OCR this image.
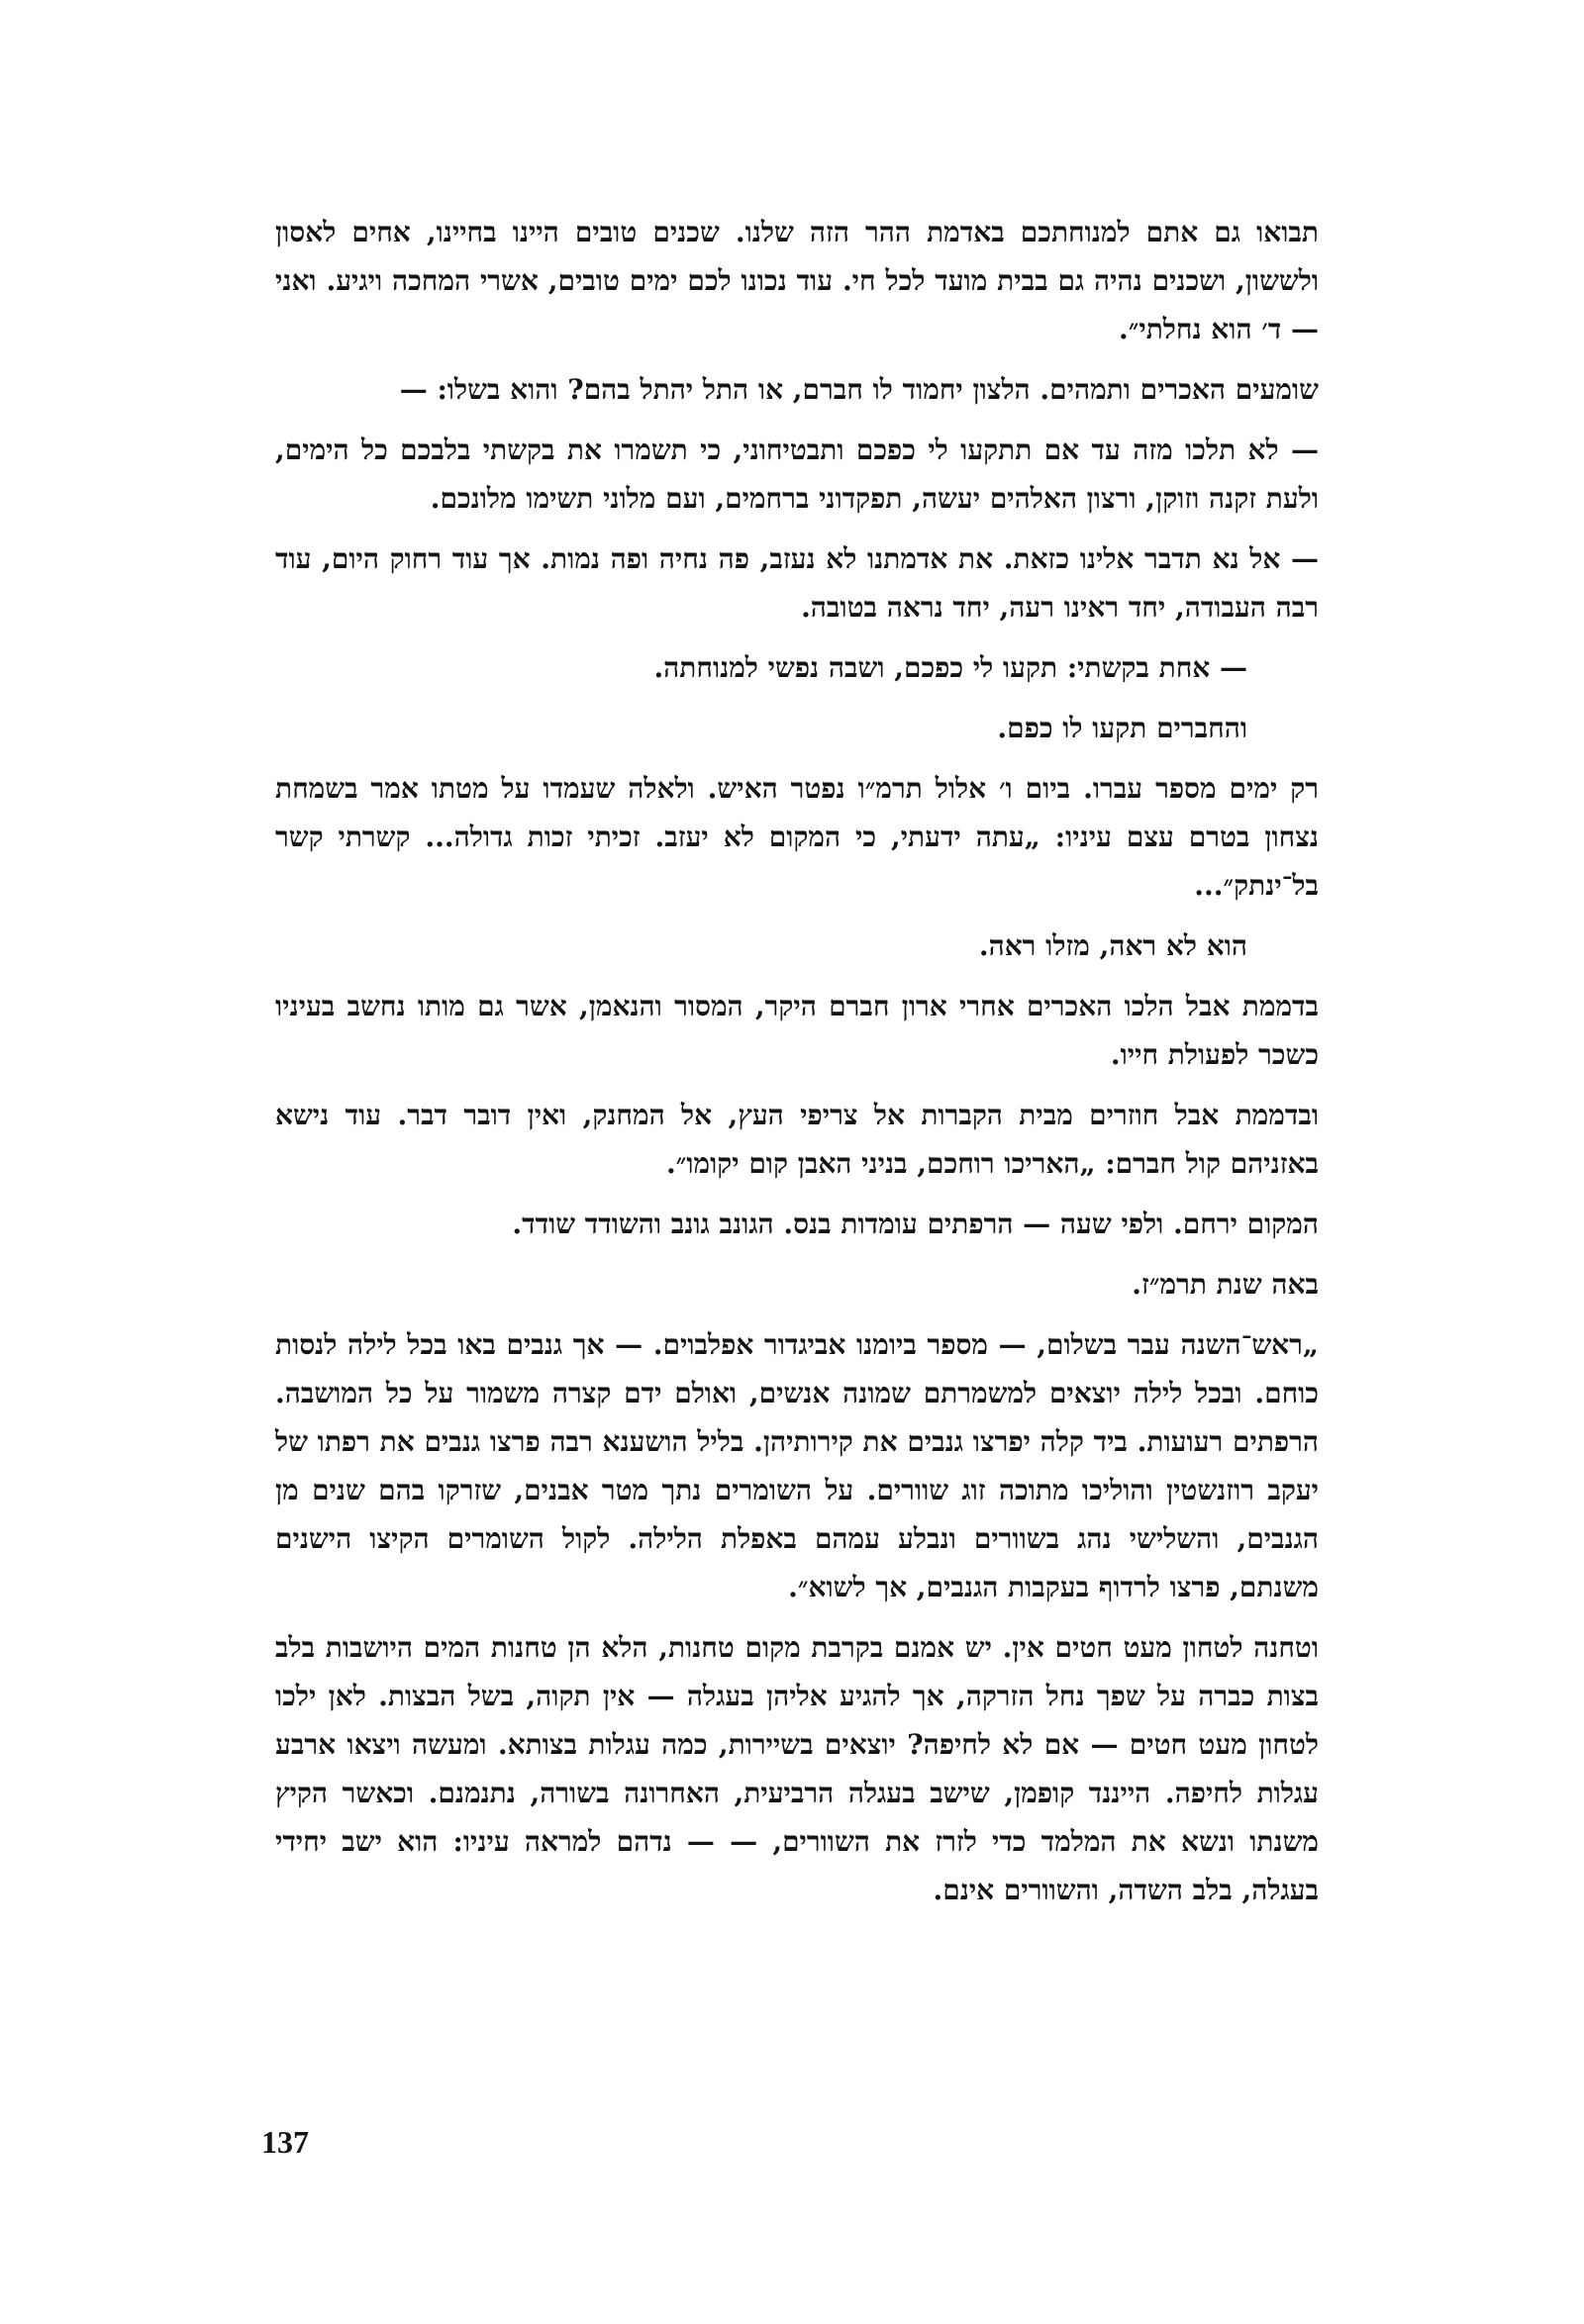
תבואו גם אתם למנוחתכם באדמת ההר הזה שלנו. שכנים טובים היינו בחיינו, אחים לאסון ולששון, ושכנים נהיה גם בבית מועד לכל חי. עוד נכונו לכם ימים טובים, אשרי המחכה ויגיע. ואני — ד׳ הוא נחלתי״.

שומעים האכרים ותמהים. הלצון יחמוד לו חברם, או התל יהתל בהם? והוא בשלו: —

— לא תלכו מזה עד אם תתקעו לי כפכם ותבטיחוני, כי תשמרו את בקשתי בלבכם כל הימים, ולעת זקנה וזוקן, ורצון האלהים יעשה, תפקדוני ברחמים, ועם מלוני תשימו מלונכם.

— אל נא תדבר אלינו כזאת. את אדמתנו לא נעזב, פה נחיה ופה נמות. אך עוד רחוק היום, עוד רבה העבודה, יחד ראינו רעה, יחד נראה בטובה.

— אחת בקשתי: תקעו לי כפכם, ושבה נפשי למנוחתה.

והחברים תקעו לו כפם.

רק ימים מספר עברו. ביום ו׳ אלול תרמ״ו נפטר האיש. ולאלה שעמדו על מטתו אמר בשמחת נצחון בטרם עצם עיניו: „עתה ידעתי, כי המקום לא יעזב. זכיתי זכות גדולה... קשרתי קשר בל־ינתק״...

הוא לא ראה, מזלו ראה.

בדממת אבל הלכו האכרים אחרי ארון חברם היקר, המסור והנאמן, אשר גם מותו נחשב בעיניו כשכר לפעולת חייו.

ובדממת אבל חוזרים מבית הקברות אל צריפי העץ, אל המחנק, ואין דובר דבר. עוד נישא באזניהם קול חברם: „האריכו רוחכם, בניני האבן קום יקומו״.

המקום ירחם. ולפי שעה — הרפתים עומדות בנס. הגונב גונב והשודד שודד.

באה שנת תרמ״ז.

„ראש־השנה עבר בשלום, — מספר ביומנו אביגדור אפלבוים. — אך גנבים באו בכל לילה לנסות כוחם. ובכל לילה יוצאים למשמרתם שמונה אנשים, ואולם ידם קצרה משמור על כל המושבה. הרפתים רעועות. ביד קלה יפרצו גנבים את קירותיהן. בליל הושענא רבה פרצו גנבים את רפתו של יעקב רוזנשטין והוליכו מתוכה זוג שוורים. על השומרים נתך מטר אבנים, שזרקו בהם שנים מן הגנבים, והשלישי נהג בשוורים ונבלע עמהם באפלת הלילה. לקול השומרים הקיצו הישנים משנתם, פרצו לרדוף בעקבות הגנבים, אך לשוא״.

וטחנה לטחון מעט חטים אין. יש אמנם בקרבת מקום טחנות, הלא הן טחנות המים היושבות בלב בצות כברה על שפך נחל הזרקה, אך להגיע אליהן בעגלה — אין תקוה, בשל הבצות. לאן ילכו לטחון מעט חטים — אם לא לחיפה? יוצאים בשיירות, כמה עגלות בצותא. ומעשה ויצאו ארבע עגלות לחיפה. הייננד קופמן, שישב בעגלה הרביעית, האחרונה בשורה, נתנמנם. וכאשר הקיץ משנתו ונשא את המלמד כדי לזרז את השוורים, — — נדהם למראה עיניו: הוא ישב יחידי בעגלה, בלב השדה, והשוורים אינם.

137
